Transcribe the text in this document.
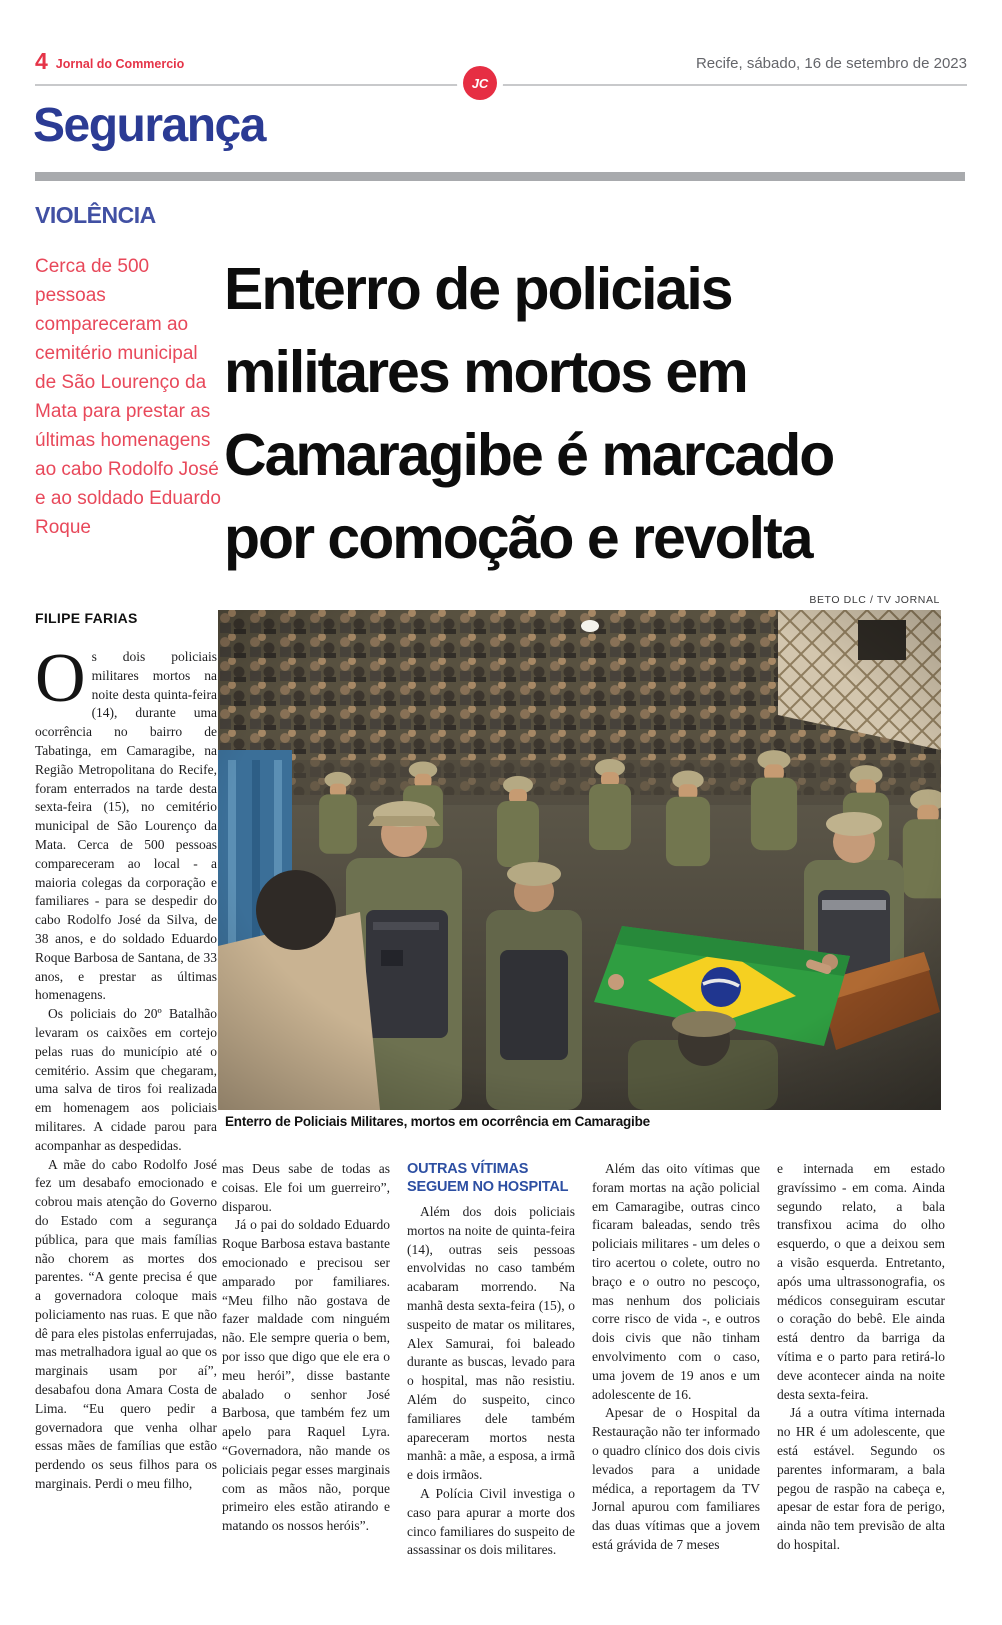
4 Jornal do Commercio	Recife, sábado, 16 de setembro de 2023
JC
Segurança
VIOLÊNCIA
Cerca de 500 pessoas compareceram ao cemitério municipal de São Lourenço da Mata para prestar as últimas homenagens ao cabo Rodolfo José e ao soldado Eduardo Roque
Enterro de policiais
militares mortos em
Camaragibe é marcado
por comoção e revolta
BETO DLC / TV JORNAL
Enterro de Policiais Militares, mortos em ocorrência em Camaragibe
FILIPE FARIAS

Os dois policiais militares mortos na noite desta quinta-feira (14), durante uma ocorrência no bairro de Tabatinga, em Camaragibe, na Região Metropolitana do Recife, foram enterrados na tarde desta sexta-feira (15), no cemitério municipal de São Lourenço da Mata. Cerca de 500 pessoas compareceram ao local - a maioria colegas da corporação e familiares - para se despedir do cabo Rodolfo José da Silva, de 38 anos, e do soldado Eduardo Roque Barbosa de Santana, de 33 anos, e prestar as últimas homenagens.

Os policiais do 20º Batalhão levaram os caixões em cortejo pelas ruas do município até o cemitério. Assim que chegaram, uma salva de tiros foi realizada em homenagem aos policiais militares. A cidade parou para acompanhar as despedidas.

A mãe do cabo Rodolfo José fez um desabafo emocionado e cobrou mais atenção do Governo do Estado com a segurança pública, para que mais famílias não chorem as mortes dos parentes. “A gente precisa é que a governadora coloque mais policiamento nas ruas. E que não dê para eles pistolas enferrujadas, mas metralhadora igual ao que os marginais usam por aí”, desabafou dona Amara Costa de Lima. “Eu quero pedir a governadora que venha olhar essas mães de famílias que estão perdendo os seus filhos para os marginais. Perdi o meu filho,

mas Deus sabe de todas as coisas. Ele foi um guerreiro”, disparou.

Já o pai do soldado Eduardo Roque Barbosa estava bastante emocionado e precisou ser amparado por familiares. “Meu filho não gostava de fazer maldade com ninguém não. Ele sempre queria o bem, por isso que digo que ele era o meu herói”, disse bastante abalado o senhor José Barbosa, que também fez um apelo para Raquel Lyra. “Governadora, não mande os policiais pegar esses marginais com as mãos não, porque primeiro eles estão atirando e matando os nossos heróis”.

OUTRAS VÍTIMAS SEGUEM NO HOSPITAL

Além dos dois policiais mortos na noite de quinta-feira (14), outras seis pessoas envolvidas no caso também acabaram morrendo. Na manhã desta sexta-feira (15), o suspeito de matar os militares, Alex Samurai, foi baleado durante as buscas, levado para o hospital, mas não resistiu. Além do suspeito, cinco familiares dele também apareceram mortos nesta manhã: a mãe, a esposa, a irmã e dois irmãos.

A Polícia Civil investiga o caso para apurar a morte dos cinco familiares do suspeito de assassinar os dois militares.

Além das oito vítimas que foram mortas na ação policial em Camaragibe, outras cinco ficaram baleadas, sendo três policiais militares - um deles o tiro acertou o colete, outro no braço e o outro no pescoço, mas nenhum dos policiais corre risco de vida -, e outros dois civis que não tinham envolvimento com o caso, uma jovem de 19 anos e um adolescente de 16.

Apesar de o Hospital da Restauração não ter informado o quadro clínico dos dois civis levados para a unidade médica, a reportagem da TV Jornal apurou com familiares das duas vítimas que a jovem está grávida de 7 meses

e internada em estado gravíssimo - em coma. Ainda segundo relato, a bala transfixou acima do olho esquerdo, o que a deixou sem a visão esquerda. Entretanto, após uma ultrassonografia, os médicos conseguiram escutar o coração do bebê. Ele ainda está dentro da barriga da vítima e o parto para retirá-lo deve acontecer ainda na noite desta sexta-feira.

Já a outra vítima internada no HR é um adolescente, que está estável. Segundo os parentes informaram, a bala pegou de raspão na cabeça e, apesar de estar fora de perigo, ainda não tem previsão de alta do hospital.
